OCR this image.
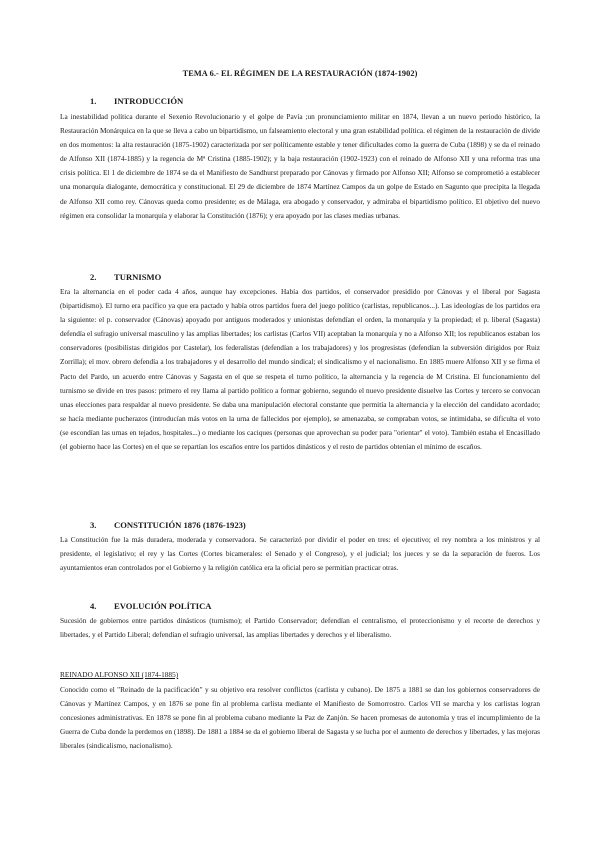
TEMA 6.- EL RÉGIMEN DE LA RESTAURACIÓN (1874-1902)
1. INTRODUCCIÓN

La inestabilidad política durante el Sexenio Revolucionario y el golpe de Pavía ;un pronunciamiento militar en 1874, llevan a un nuevo periodo histórico, la Restauración Monárquica en la que se lleva a cabo un bipartidismo, un falseamiento electoral y una gran estabilidad política. el régimen de la restauración de divide en dos momentos: la alta restauración (1875-1902) caracterizada por ser políticamente estable y tener dificultades como la guerra de Cuba (1898) y se da el reinado de Alfonso XII (1874-1885) y la regencia de Mª Cristina (1885-1902); y la baja restauración (1902-1923) con el reinado de Alfonso XII y una reforma tras una crisis política. El 1 de diciembre de 1874 se da el Manifiesto de Sandhurst preparado por Cánovas y firmado por Alfonso XII; Alfonso se comprometió a establecer una monarquía dialogante, democrática y constitucional. El 29 de diciembre de 1874 Martínez Campos da un golpe de Estado en Sagunto que precipita la llegada de Alfonso XII como rey. Cánovas queda como presidente; es de Málaga, era abogado y conservador, y admiraba el bipartidismo político. El objetivo del nuevo régimen era consolidar la monarquía y elaborar la Constitución (1876); y era apoyado por las clases medias urbanas.

2. TURNISMO

Era la alternancia en el poder cada 4 años, aunque hay excepciones. Había dos partidos, el conservador presidido por Cánovas y el liberal por Sagasta (bipartidismo). El turno era pacífico ya que era pactado y había otros partidos fuera del juego político (carlistas, republicanos...). Las ideologías de los partidos era la siguiente: el p. conservador (Cánovas) apoyado por antiguos moderados y unionistas defendían el orden, la monarquía y la propiedad; el p. liberal (Sagasta) defendía el sufragio universal masculino y las amplias libertades; los carlistas (Carlos VII) aceptaban la monarquía y no a Alfonso XII; los republicanos estaban los conservadores (posibilistas dirigidos por Castelar), los federalistas (defendían a los trabajadores) y los progresistas (defendían la subversión dirigidos por Ruiz Zorrilla); el mov. obrero defendía a los trabajadores y el desarrollo del mundo sindical; el sindicalismo y el nacionalismo. En 1885 muere Alfonso XII y se firma el Pacto del Pardo, un acuerdo entre Cánovas y Sagasta en el que se respeta el turno político, la alternancia y la regencia de M Cristina. El funcionamiento del turnismo se divide en tres pasos: primero el rey llama al partido político a formar gobierno, segundo el nuevo presidente disuelve las Cortes y tercero se convocan unas elecciones para respaldar al nuevo presidente. Se daba una manipulación electoral constante que permitía la alternancia y la elección del candidato acordado; se hacía mediante pucherazos (introducían más votos en la urna de fallecidos por ejemplo), se amenazaba, se compraban votos, se intimidaba, se dificulta el voto (se escondían las urnas en tejados, hospitales...) o mediante los caciques (personas que aprovechan su poder para "orientar" el voto). También estaba el Encasillado (el gobierno hace las Cortes) en el que se repartían los escaños entre los partidos dinásticos y el resto de partidos obtenían el mínimo de escaños.

3. CONSTITUCIÓN 1876 (1876-1923)

La Constitución fue la más duradera, moderada y conservadora. Se caracterizó por dividir el poder en tres: el ejecutivo; el rey nombra a los ministros y al presidente, el legislativo; el rey y las Cortes (Cortes bicamerales: el Senado y el Congreso), y el judicial; los jueces y se da la separación de fueros. Los ayuntamientos eran controlados por el Gobierno y la religión católica era la oficial pero se permitían practicar otras.

4. EVOLUCIÓN POLÍTICA

Sucesión de gobiernos entre partidos dinásticos (turnismo); el Partido Conservador; defendían el centralismo, el proteccionismo y el recorte de derechos y libertades, y el Partido Liberal; defendían el sufragio universal, las amplias libertades y derechos y el liberalismo.

REINADO ALFONSO XII (1874-1885)

Conocido como el "Reinado de la pacificación" y su objetivo era resolver conflictos (carlista y cubano). De 1875 a 1881 se dan los gobiernos conservadores de Cánovas y Martínez Campos, y en 1876 se pone fin al problema carlista mediante el Manifiesto de Somorrostro. Carlos VII se marcha y los carlistas logran concesiones administrativas. En 1878 se pone fin al problema cubano mediante la Paz de Zanjón. Se hacen promesas de autonomía y tras el incumplimiento de la Guerra de Cuba donde la perdemos en (1898). De 1881 a 1884 se da el gobierno liberal de Sagasta y se lucha por el aumento de derechos y libertades, y las mejoras liberales (sindicalismo, nacionalismo).
